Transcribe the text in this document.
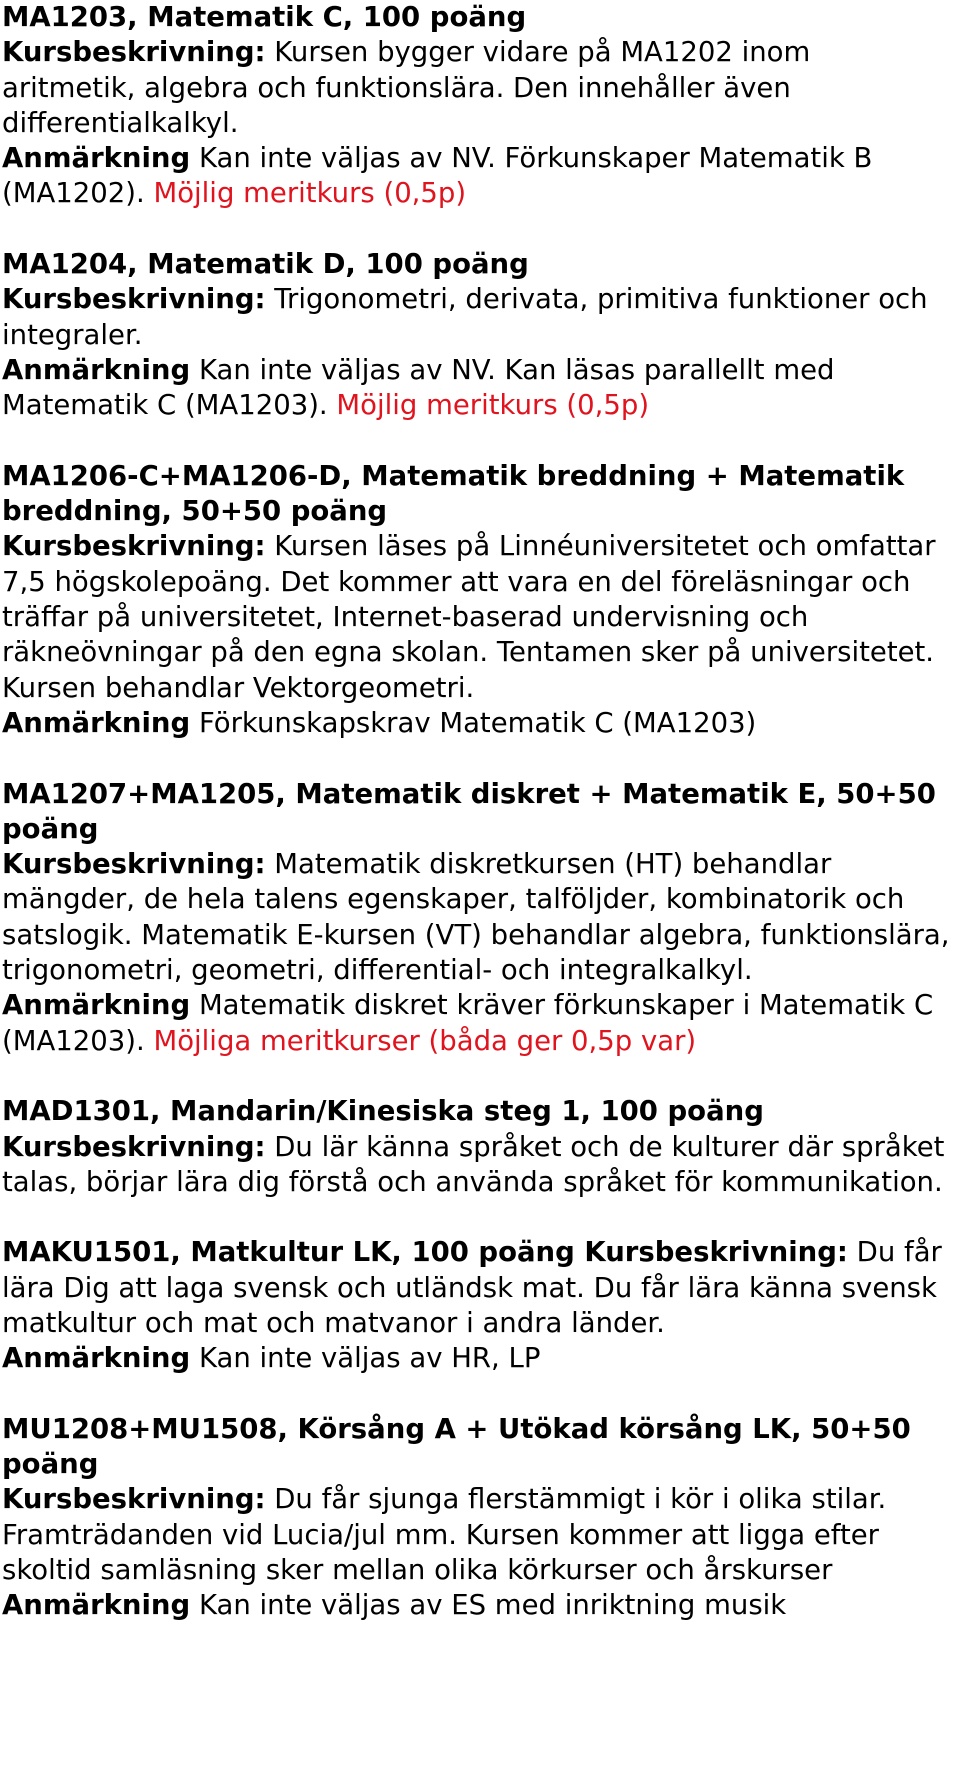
MA1203, Matematik C, 100 poäng
Kursbeskrivning: Kursen bygger vidare på MA1202 inom aritmetik, algebra och funktionslära. Den innehåller även differentialkalkyl.
Anmärkning Kan inte väljas av NV. Förkunskaper Matematik B (MA1202). Möjlig meritkurs (0,5p)

MA1204, Matematik D, 100 poäng
Kursbeskrivning: Trigonometri, derivata, primitiva funktioner och integraler.
Anmärkning Kan inte väljas av NV. Kan läsas parallellt med Matematik C (MA1203). Möjlig meritkurs (0,5p)

MA1206-C+MA1206-D, Matematik breddning + Matematik breddning, 50+50 poäng
Kursbeskrivning: Kursen läses på Linnéuniversitetet och omfattar 7,5 högskolepoäng. Det kommer att vara en del föreläsningar och träffar på universitetet, Internet-baserad undervisning och räkneövningar på den egna skolan. Tentamen sker på universitetet. Kursen behandlar Vektorgeometri.
Anmärkning Förkunskapskrav Matematik C (MA1203)

MA1207+MA1205, Matematik diskret + Matematik E, 50+50 poäng
Kursbeskrivning: Matematik diskretkursen (HT) behandlar mängder, de hela talens egenskaper, talföljder, kombinatorik och satslogik. Matematik E-kursen (VT) behandlar algebra, funktionslära, trigonometri, geometri, differential- och integralkalkyl.
Anmärkning Matematik diskret kräver förkunskaper i Matematik C (MA1203). Möjliga meritkurser (båda ger 0,5p var)

MAD1301, Mandarin/Kinesiska steg 1, 100 poäng
Kursbeskrivning: Du lär känna språket och de kulturer där språket talas, börjar lära dig förstå och använda språket för kommunikation.

MAKU1501, Matkultur LK, 100 poäng Kursbeskrivning: Du får lära Dig att laga svensk och utländsk mat. Du får lära känna svensk matkultur och mat och matvanor i andra länder.
Anmärkning Kan inte väljas av HR, LP

MU1208+MU1508, Körsång A + Utökad körsång LK, 50+50 poäng
Kursbeskrivning: Du får sjunga flerstämmigt i kör i olika stilar. Framträdanden vid Lucia/jul mm. Kursen kommer att ligga efter skoltid samläsning sker mellan olika körkurser och årskurser
Anmärkning Kan inte väljas av ES med inriktning musik
